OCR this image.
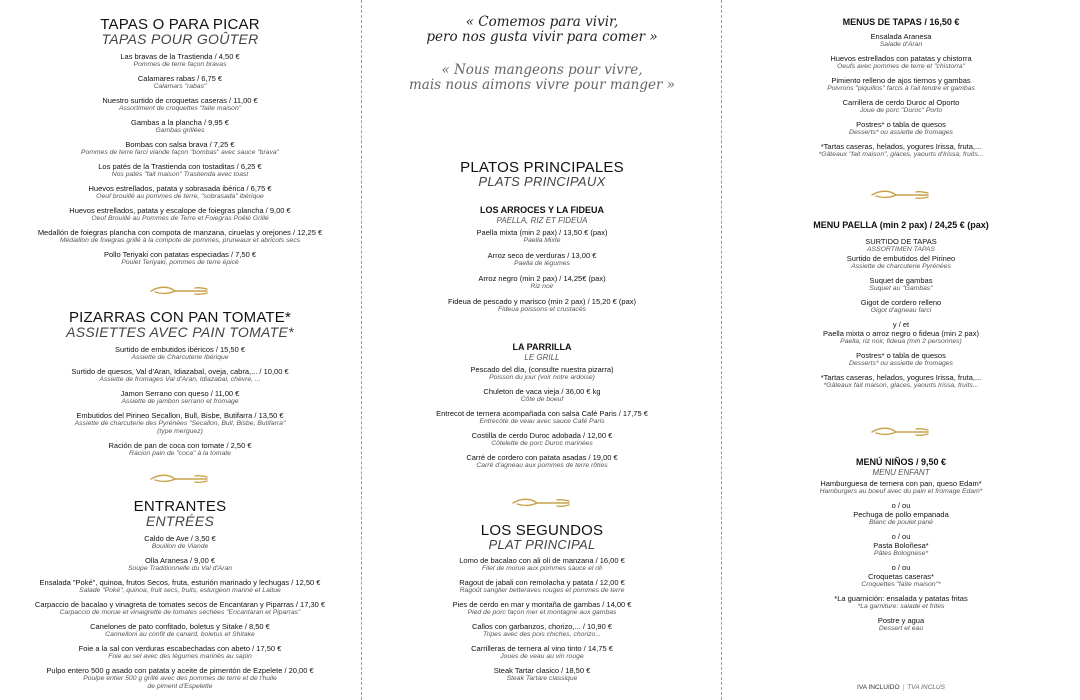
TAPAS O PARA PICAR
TAPAS POUR GOÛTER
Las bravas de la Trastienda / 4,50 €
Pommes de terre façon bravas
Calamares rabas / 6,75 €
Calamars "rabas"
Nuestro surtido de croquetas caseras / 11,00 €
Assortiment de croquettes "faite maison"
Gambas a la plancha / 9,95 €
Gambas grillées
Bombas con salsa brava / 7,25 €
Pommes de terre farci viande façon "bombas" avec sauce "brava"
Los patés de la Trastienda con tostaditas / 6,25 €
Nos patés "fait maison" Trastienda avec toast
Huevos estrellados, patata y sobrasada ibérica / 6,75 €
Oeuf brouillé au pommes de terre, "sobrasada" ibérique
Huevos estrellados, patata y escalope de foiegras plancha / 9,00 €
Oeuf Brouillé au Pommes de Terre et Foiegras Poêlé Grillé
Medallón de foiegras plancha con compota de manzana, ciruelas y orejones / 12,25 €
Médaillon de foiegras grillé à la compote de pommes, pruneaux et abricots secs
Pollo Teriyaki con patatas especiadas / 7,50 €
Poulet Teriyaki, pommes de terre épicé
PIZARRAS CON PAN TOMATE*
ASSIETTES AVEC PAIN TOMATE*
Surtido de embutidos ibéricos / 15,50 €
Assiette de Charcuterie Ibérique
Surtido de quesos, Val d'Aran, Idiazabal, oveja, cabra,... / 10,00 €
Assiette de fromages Val d'Aran, Idiazabal, chèvre, ...
Jamon Serrano con queso / 11,00 €
Assiette de jambon serrano et fromage
Embutidos del Pirineo Secallon, Bull, Bisbe, Butifarra / 13,50 €
Assiette de charcuterie des Pyrénées "Secallon, Bull, Bisbe, Butifarra"
(type merguez)
Ración de pan de coca con tomate / 2,50 €
Racion pain de "coca" à la tomate
ENTRANTES
ENTRÉES
Caldo de Ave / 3,50 €
Bouillon de Viande
Olla Aranesa / 9,00 €
Soupe Traditionnelle du Val d'Aran
Ensalada "Poké", quinoa, frutos Secos, fruta, esturión marinado y lechugas / 12,50 €
Salade "Poké", quinoa, fruit secs, fruits, esturgeon mariné et Laitue
Carpaccio de bacalao y vinagreta de tomates secos de Encantaran y Piparras / 17,30 €
Carpaccio de morue et vinaigrette de tomates séchées "Encantaran et Piparras"
Canelones de pato confitado, boletus y Sitake / 8,50 €
Cannelloni au confit de canard, boletus et Shitake
Foie a la sal con verduras escabechadas con abeto / 17,50 €
Foie au sel avec des légumes marinés au sapin
Pulpo entero 500 g asado con patata y aceite de pimentón de Ezpelete / 20,00 €
Poulpe entier 500 g grillé avec des pommes de terre et de l'huile
de piment d'Espelette
« Comemos para vivir,
pero nos gusta vivir para comer »
« Nous mangeons pour vivre,
mais nous aimons vivre pour manger »
PLATOS PRINCIPALES
PLATS PRINCIPAUX
LOS ARROCES Y LA FIDEUA
PAELLA, RIZ ET FIDEUA
Paella mixta (min 2 pax) / 13,50 € (pax)
Paella Mixte
Arroz seco de verduras / 13,00 €
Paella de légumes
Arroz negro (min 2 pax) / 14,25€ (pax)
Riz noir
Fideua de pescado y marisco (min 2 pax) / 15,20 € (pax)
Fideua poissons et crustacés
LA PARRILLA
LE GRILL
Pescado del día, (consulte nuestra pizarra)
Poisson du jour (voir notre ardoise)
Chuleton de vaca vieja / 36,00 € kg
Côte de boeuf
Entrecot de ternera acompañada con salsa Café Paris / 17,75 €
Entrecôte de veau avec sauce Café Paris
Costilla de cerdo Duroc adobada / 12,00 €
Côtelette de porc Duroc marinées
Carré de cordero con patata asadas / 19,00 €
Carré d'agneau aux pommes de terre rôties
LOS SEGUNDOS
PLAT PRINCIPAL
Lomo de bacalao con ali oli de manzana / 16,00 €
Filet de morue aux pommes sauce el oli
Ragout de jabali con remolacha y patata / 12,00 €
Ragoût sanglier betteraves rouges et pommes de terre
Pies de cerdo en mar y montaña de gambas / 14,00 €
Pied de porc façon mer et montagne aux gambas
Callos con garbanzos, chorizo,... / 10,90 €
Tripes avec des pois chiches, chorizo...
Carrilleras de ternera al vino tinto / 14,75 €
Joues de veau au vin rouge
Steak Tartar clasico / 18,50 €
Steak Tartare classique
MENUS DE TAPAS / 16,50 €
Ensalada Aranesa
Salade d'Aran
Huevos estrellados con patatas y chistorra
Oeufs avec pommes de terre et "chistorra"
Pimiento relleno de ajos tiernos y gambas
Poivrons "piquillos" farcis à l'ail tendre et gambas
Carrillera de cerdo Duroc al Oporto
Joue de porc "Duroc" Porto
Postres* o tabla de quesos
Desserts* ou assiette de fromages
*Tartas caseras, helados, yogures Irissa, fruta,...
*Gâteaux "fait maison", glaces, yaourts d'Irissa, fruits...
MENU PAELLA (min 2 pax) / 24,25 € (pax)
SURTIDO DE TAPAS
ASSORTIMEN TAPAS
Surtido de embutidos del Pirineo
Assiette de charcuterie Pyrénées
Suquet de gambas
Suquet au "Gambas"
Gigot de cordero relleno
Gigot d'agneau farci
y / et
Paella mixta o arroz negro o fideua (min 2 pax)
Paella, riz noir, fideua (min 2 personnes)
Postres* o tabla de quesos
Desserts* ou assiette de fromages
*Tartas caseras, helados, yogures Irissa, fruta,...
*Gâteaux fait maison, glaces, yaourts Irissa, fruits...
MENÚ NIÑOS / 9,50 €
MENU ENFANT
Hamburguesa de ternera con pan, queso Edam*
Hamburgers au boeuf avec du pain et fromage Edam*
o / ou
Pechuga de pollo empanada
Blanc de poulet pané
o / ou
Pasta Boloñesa*
Pâtes Bolognese*
o / ou
Croquetas caseras*
Croquettes "faite maison"*
*La guarnición: ensalada y patatas fritas
*La garniture: salade et frites
Postre y agua
Dessert et eau
IVA INCLUIDO | TVA INCLUS
